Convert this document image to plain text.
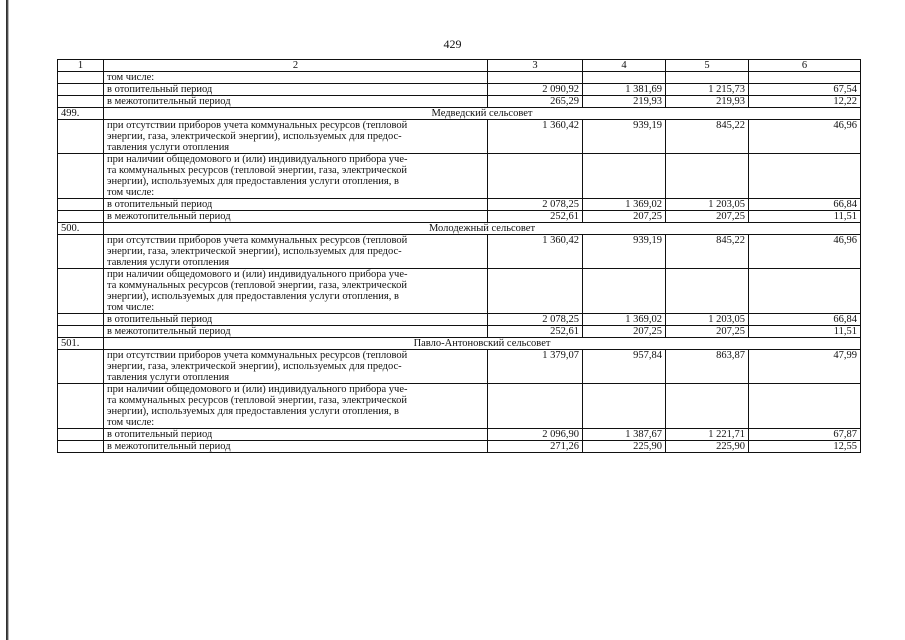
429
1	2	3	4	5	6
	том числе:				
	в отопительный период	2 090,92	1 381,69	1 215,73	67,54
	в межотопительный период	265,29	219,93	219,93	12,22
499.	Медведский сельсовет				

	при отсутствии приборов учета коммунальных ресурсов (тепловой
энергии, газа, электрической энергии), используемых для предос-
тавления услуги отопления	1 360,42	939,19	845,22	46,96

	при наличии общедомового и (или) индивидуального прибора уче-
та коммунальных ресурсов (тепловой энергии, газа, электрической
энергии), используемых для предоставления услуги отопления, в
том числе:				

	в отопительный период	2 078,25	1 369,02	1 203,05	66,84
	в межотопительный период	252,61	207,25	207,25	11,51
500.	Молодежный сельсовет				

	при отсутствии приборов учета коммунальных ресурсов (тепловой
энергии, газа, электрической энергии), используемых для предос-
тавления услуги отопления	1 360,42	939,19	845,22	46,96

	при наличии общедомового и (или) индивидуального прибора уче-
та коммунальных ресурсов (тепловой энергии, газа, электрической
энергии), используемых для предоставления услуги отопления, в
том числе:				

	в отопительный период	2 078,25	1 369,02	1 203,05	66,84
	в межотопительный период	252,61	207,25	207,25	11,51
501.	Павло-Антоновский сельсовет				

	при отсутствии приборов учета коммунальных ресурсов (тепловой
энергии, газа, электрической энергии), используемых для предос-
тавления услуги отопления	1 379,07	957,84	863,87	47,99

	при наличии общедомового и (или) индивидуального прибора уче-
та коммунальных ресурсов (тепловой энергии, газа, электрической
энергии), используемых для предоставления услуги отопления, в
том числе:				

	в отопительный период	2 096,90	1 387,67	1 221,71	67,87
	в межотопительный период	271,26	225,90	225,90	12,55
